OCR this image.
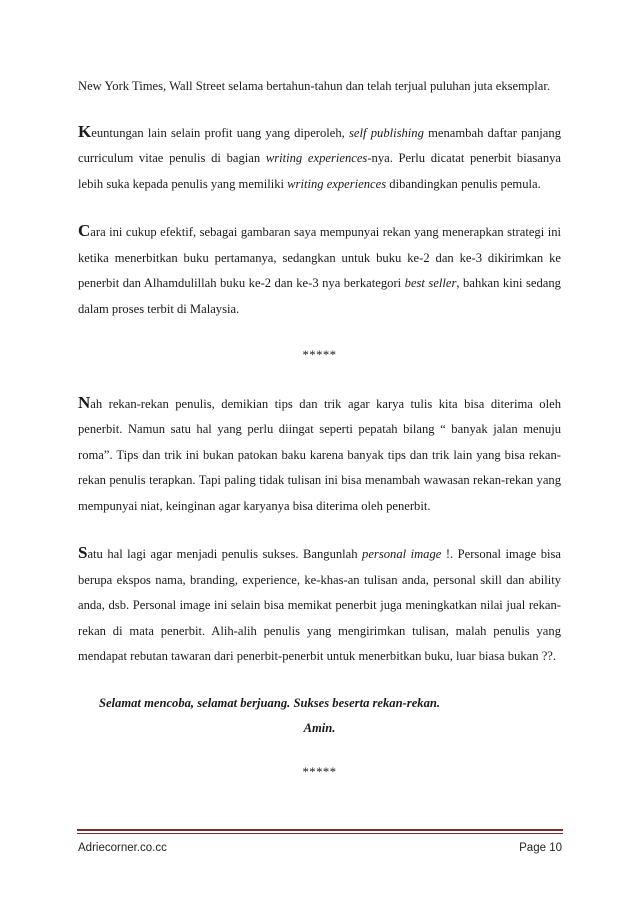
New York Times, Wall Street selama bertahun-tahun dan telah terjual puluhan juta eksemplar.

Keuntungan lain selain profit uang yang diperoleh, self publishing menambah daftar panjang curriculum vitae penulis di bagian writing experiences-nya. Perlu dicatat penerbit biasanya lebih suka kepada penulis yang memiliki writing experiences dibandingkan penulis pemula.

Cara ini cukup efektif, sebagai gambaran saya mempunyai rekan yang menerapkan strategi ini ketika menerbitkan buku pertamanya, sedangkan untuk buku ke-2 dan ke-3 dikirimkan ke penerbit dan Alhamdulillah buku ke-2 dan ke-3 nya berkategori best seller, bahkan kini sedang dalam proses terbit di Malaysia.

*****

Nah rekan-rekan penulis, demikian tips dan trik agar karya tulis kita bisa diterima oleh penerbit. Namun satu hal yang perlu diingat seperti pepatah bilang “ banyak jalan menuju roma”. Tips dan trik ini bukan patokan baku karena banyak tips dan trik lain yang bisa rekan-rekan penulis terapkan. Tapi paling tidak tulisan ini bisa menambah wawasan rekan-rekan yang mempunyai niat, keinginan agar karyanya bisa diterima oleh penerbit.

Satu hal lagi agar menjadi penulis sukses. Bangunlah personal image !. Personal image bisa berupa ekspos nama, branding, experience, ke-khas-an tulisan anda, personal skill dan ability anda, dsb. Personal image ini selain bisa memikat penerbit juga meningkatkan nilai jual rekan-rekan di mata penerbit. Alih-alih penulis yang mengirimkan tulisan, malah penulis yang mendapat rebutan tawaran dari penerbit-penerbit untuk menerbitkan buku, luar biasa bukan ??.

Selamat mencoba, selamat berjuang. Sukses beserta rekan-rekan.
Amin.
*****
Adriecorner.co.cc	Page 10
